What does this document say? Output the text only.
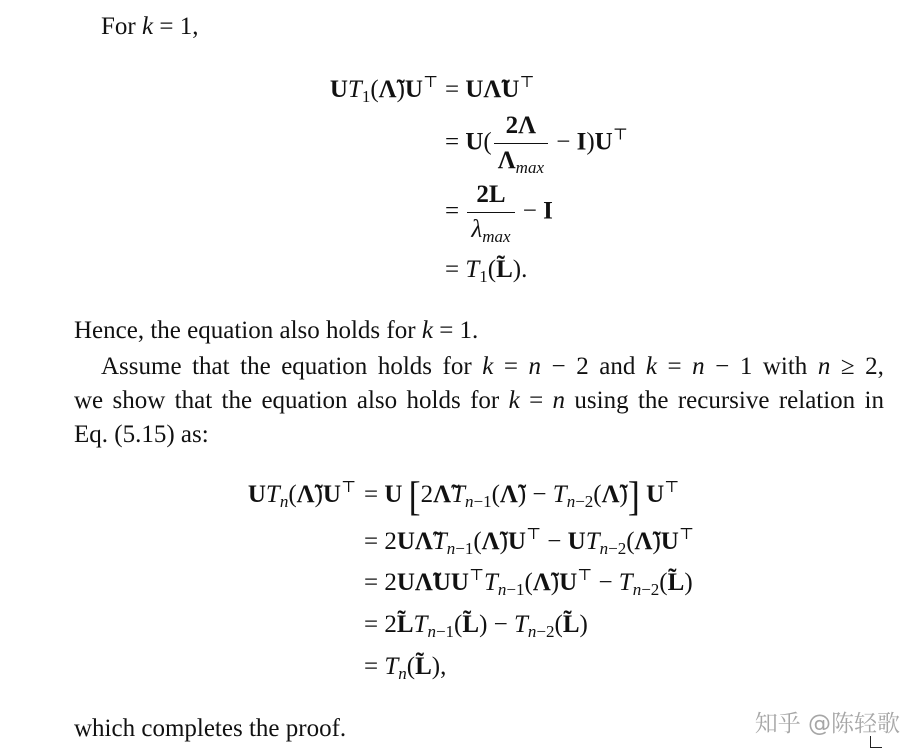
For k = 1,
$UT_1(\Lambdã)U^⊤$ = UΛ̃U⊤
= $U( \frac{2\Lambda}{\Lambda_{max}} - I)U^⊤$
= $\frac{2L}{\lambda_{max}} - I$
= $T_1(L̃)$.
Hence, the equation also holds for k = 1.
Assume that the equation holds for k = n − 2 and k = n − 1 with n ≥ 2,
we show that the equation also holds for k = n using the recursive relation in
Eq. (5.15) as:
$UT_n(\Lambdã)U^⊤ = U$ [$2\LambdãT_{n-1}(\Lambdã)$ − $T_{n-2}(\Lambdã)$] U⊤
= $2U\LambdãT_{n-1}(\Lambdã)U^⊤$ − $UT_{n-2}(\Lambdã)U^⊤$
= $2U\LambdãUU^⊤T_{n-1}(\Lambdã)U^⊤$ − $T_{n-2}(L̃)$
= $2L̃T_{n-1}(L̃)$ − $T_{n-2}(L̃)$
= $T_n(L̃)$,
which completes the proof.	知乎 @陈轻歌
